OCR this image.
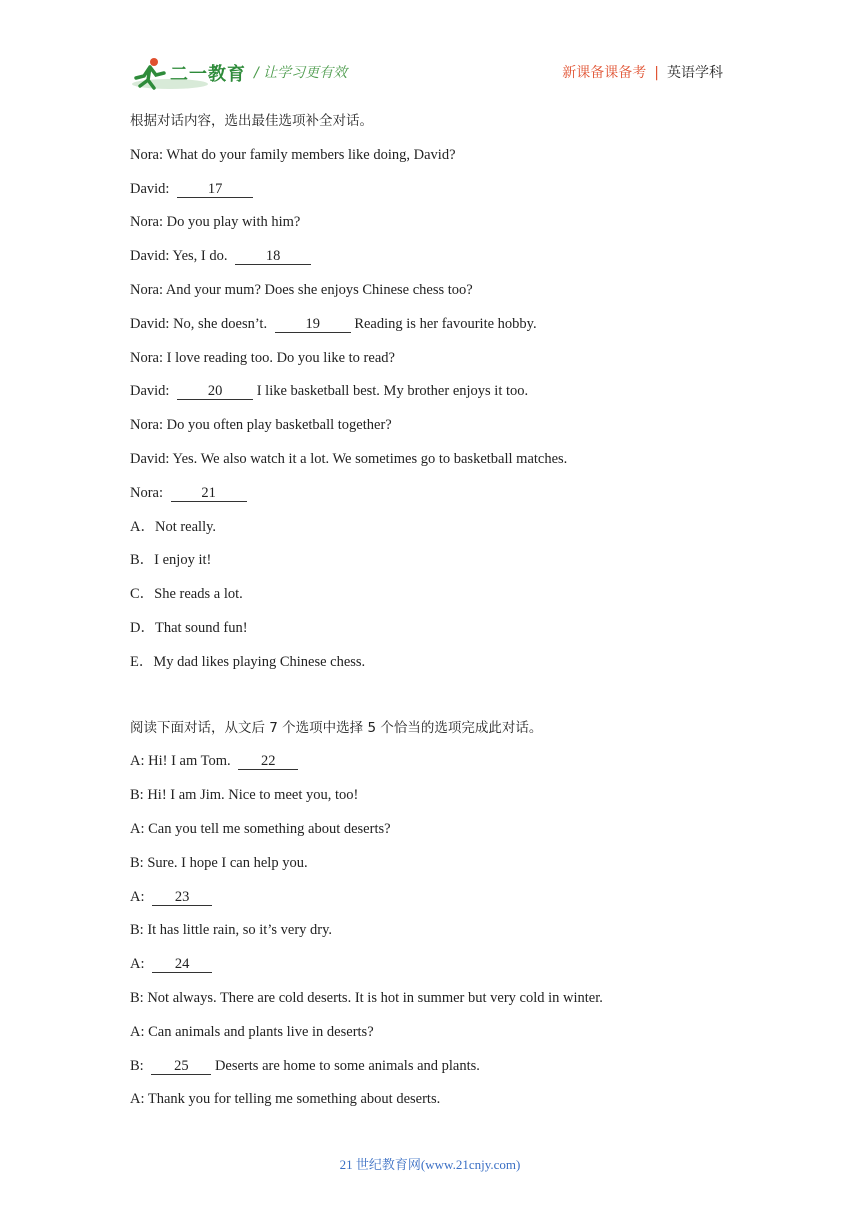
二一教育 / 让学习更有效	新课备课备考 | 英语学科
根据对话内容，选出最佳选项补全对话。
Nora: What do your family members like doing, David?
David: 17
Nora: Do you play with him?
David: Yes, I do. 18
Nora: And your mum? Does she enjoys Chinese chess too?
David: No, she doesn’t. 19 Reading is her favourite hobby.
Nora: I love reading too. Do you like to read?
David: 20 I like basketball best. My brother enjoys it too.
Nora: Do you often play basketball together?
David: Yes. We also watch it a lot. We sometimes go to basketball matches.
Nora: 21
A．Not really.
B．I enjoy it!
C．She reads a lot.
D．That sound fun!
E．My dad likes playing Chinese chess.
阅读下面对话，从文后 7 个选项中选择 5 个恰当的选项完成此对话。
A: Hi! I am Tom. 22
B: Hi! I am Jim. Nice to meet you, too!
A: Can you tell me something about deserts?
B: Sure. I hope I can help you.
A: 23
B: It has little rain, so it’s very dry.
A: 24
B: Not always. There are cold deserts. It is hot in summer but very cold in winter.
A: Can animals and plants live in deserts?
B: 25 Deserts are home to some animals and plants.
A: Thank you for telling me something about deserts.
21 世纪教育网(www.21cnjy.com)
